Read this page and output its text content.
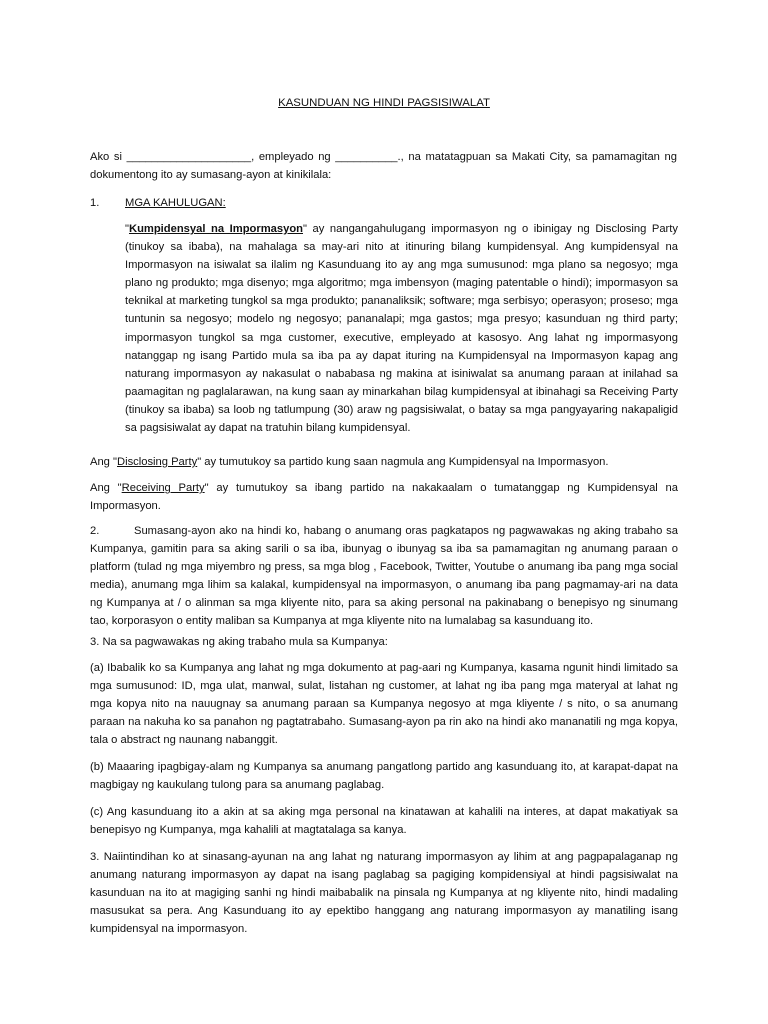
KASUNDUAN NG HINDI PAGSISIWALAT

Ako si ____________________, empleyado ng __________., na matatagpuan sa Makati City, sa pamamagitan ng dokumentong ito ay sumasang-ayon at kinikilala:

1. MGA KAHULUGAN:

"Kumpidensyal na Impormasyon" ay nangangahulugang impormasyon ng o ibinigay ng Disclosing Party (tinukoy sa ibaba), na mahalaga sa may-ari nito at itinuring bilang kumpidensyal. Ang kumpidensyal na Impormasyon na isiwalat sa ilalim ng Kasunduang ito ay ang mga sumusunod: mga plano sa negosyo; mga plano ng produkto; mga disenyo; mga algoritmo; mga imbensyon (maging patentable o hindi); impormasyon sa teknikal at marketing tungkol sa mga produkto; pananaliksik; software; mga serbisyo; operasyon; proseso; mga tuntunin sa negosyo; modelo ng negosyo; pananalapi; mga gastos; mga presyo; kasunduan ng third party; impormasyon tungkol sa mga customer, executive, empleyado at kasosyo. Ang lahat ng impormasyong natanggap ng isang Partido mula sa iba pa ay dapat ituring na Kumpidensyal na Impormasyon kapag ang naturang impormasyon ay nakasulat o nababasa ng makina at isiniwalat sa anumang paraan at inilahad sa paamagitan ng paglalarawan, na kung saan ay minarkahan bilag kumpidensyal at ibinahagi sa Receiving Party (tinukoy sa ibaba) sa loob ng tatlumpung (30) araw ng pagsisiwalat, o batay sa mga pangyayaring nakapaligid sa pagsisiwalat ay dapat na tratuhin bilang kumpidensyal.

Ang "Disclosing Party" ay tumutukoy sa partido kung saan nagmula ang Kumpidensyal na Impormasyon.

Ang "Receiving Party" ay tumutukoy sa ibang partido na nakakaalam o tumatanggap ng Kumpidensyal na Impormasyon.

2.	Sumasang-ayon ako na hindi ko, habang o anumang oras pagkatapos ng pagwawakas ng aking trabaho sa Kumpanya, gamitin para sa aking sarili o sa iba, ibunyag o ibunyag sa iba sa pamamagitan ng anumang paraan o platform (tulad ng mga miyembro ng press, sa mga blog , Facebook, Twitter, Youtube o anumang iba pang mga social media), anumang mga lihim sa kalakal, kumpidensyal na impormasyon, o anumang iba pang pagmamay-ari na data ng Kumpanya at / o alinman sa mga kliyente nito, para sa aking personal na pakinabang o benepisyo ng sinumang tao, korporasyon o entity maliban sa Kumpanya at mga kliyente nito na lumalabag sa kasunduang ito.

3. Na sa pagwawakas ng aking trabaho mula sa Kumpanya:

(a) Ibabalik ko sa Kumpanya ang lahat ng mga dokumento at pag-aari ng Kumpanya, kasama ngunit hindi limitado sa mga sumusunod: ID, mga ulat, manwal, sulat, listahan ng customer, at lahat ng iba pang mga materyal at lahat ng mga kopya nito na nauugnay sa anumang paraan sa Kumpanya negosyo at mga kliyente / s nito, o sa anumang paraan na nakuha ko sa panahon ng pagtatrabaho. Sumasang-ayon pa rin ako na hindi ako mananatili ng mga kopya, tala o abstract ng naunang nabanggit.

(b) Maaaring ipagbigay-alam ng Kumpanya sa anumang pangatlong partido ang kasunduang ito, at karapat-dapat na magbigay ng kaukulang tulong para sa anumang paglabag.

(c) Ang kasunduang ito a akin at sa aking mga personal na kinatawan at kahalili na interes, at dapat makatiyak sa benepisyo ng Kumpanya, mga kahalili at magtatalaga sa kanya.

3. Naiintindihan ko at sinasang-ayunan na ang lahat ng naturang impormasyon ay lihim at ang pagpapalaganap ng anumang naturang impormasyon ay dapat na isang paglabag sa pagiging kompidensiyal at hindi pagsisiwalat na kasunduan na ito at magiging sanhi ng hindi maibabalik na pinsala ng Kumpanya at ng kliyente nito, hindi madaling masusukat sa pera. Ang Kasunduang ito ay epektibo hanggang ang naturang impormasyon ay manatiling isang kumpidensyal na impormasyon.
